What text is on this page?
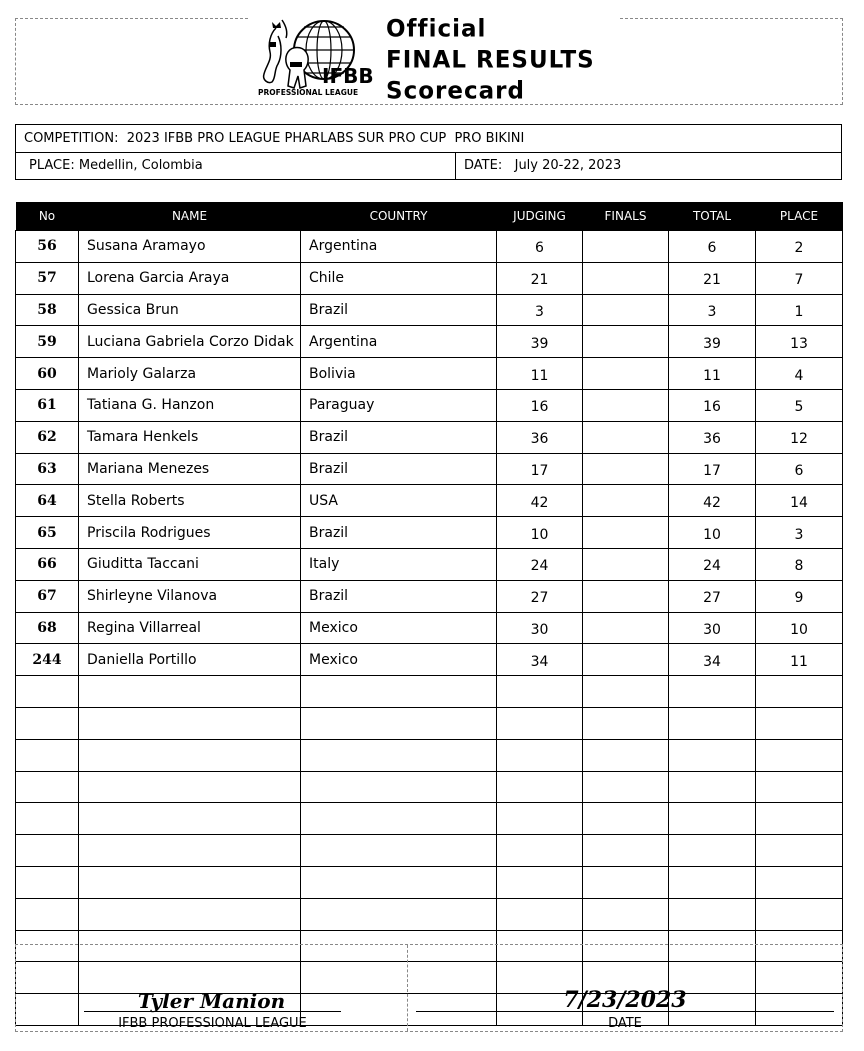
IFBB
PROFESSIONAL LEAGUE
Official
FINAL RESULTS
Scorecard
COMPETITION: 2023 IFBB PRO LEAGUE PHARLABS SUR PRO CUP  PRO BIKINI
PLACE: Medellin, Colombia	DATE: July 20-22, 2023
No	NAME	COUNTRY	JUDGING	FINALS	TOTAL	PLACE
56	Susana Aramayo	Argentina	6		6	2
57	Lorena Garcia Araya	Chile	21		21	7
58	Gessica Brun	Brazil	3		3	1
59	Luciana Gabriela Corzo Didak	Argentina	39		39	13
60	Marioly Galarza	Bolivia	11		11	4
61	Tatiana G. Hanzon	Paraguay	16		16	5
62	Tamara Henkels	Brazil	36		36	12
63	Mariana Menezes	Brazil	17		17	6
64	Stella Roberts	USA	42		42	14
65	Priscila Rodrigues	Brazil	10		10	3
66	Giuditta Taccani	Italy	24		24	8
67	Shirleyne Vilanova	Brazil	27		27	9
68	Regina Villarreal	Mexico	30		30	10
244	Daniella Portillo	Mexico	34		34	11

Tyler Manion
IFBB PROFESSIONAL LEAGUE
7/23/2023
DATE
